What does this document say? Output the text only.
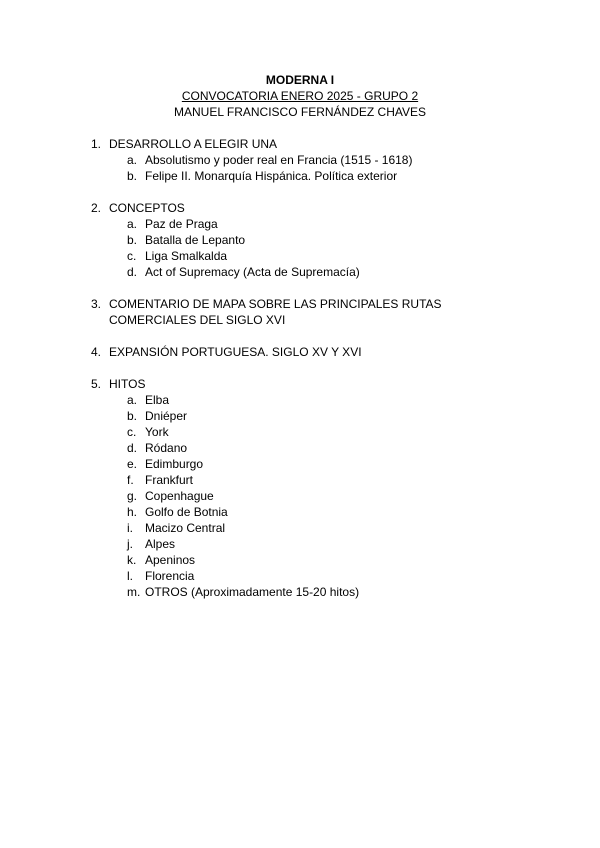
MODERNA I
CONVOCATORIA ENERO 2025 - GRUPO 2
MANUEL FRANCISCO FERNÁNDEZ CHAVES
1. DESARROLLO A ELEGIR UNA
a. Absolutismo y poder real en Francia (1515 - 1618)
b. Felipe II. Monarquía Hispánica. Política exterior
2. CONCEPTOS
a. Paz de Praga
b. Batalla de Lepanto
c. Liga Smalkalda
d. Act of Supremacy (Acta de Supremacía)
3. COMENTARIO DE MAPA SOBRE LAS PRINCIPALES RUTAS COMERCIALES DEL SIGLO XVI
4. EXPANSIÓN PORTUGUESA. SIGLO XV Y XVI
5. HITOS
a. Elba
b. Dniéper
c. York
d. Ródano
e. Edimburgo
f. Frankfurt
g. Copenhague
h. Golfo de Botnia
i. Macizo Central
j. Alpes
k. Apeninos
l. Florencia
m. OTROS (Aproximadamente 15-20 hitos)
